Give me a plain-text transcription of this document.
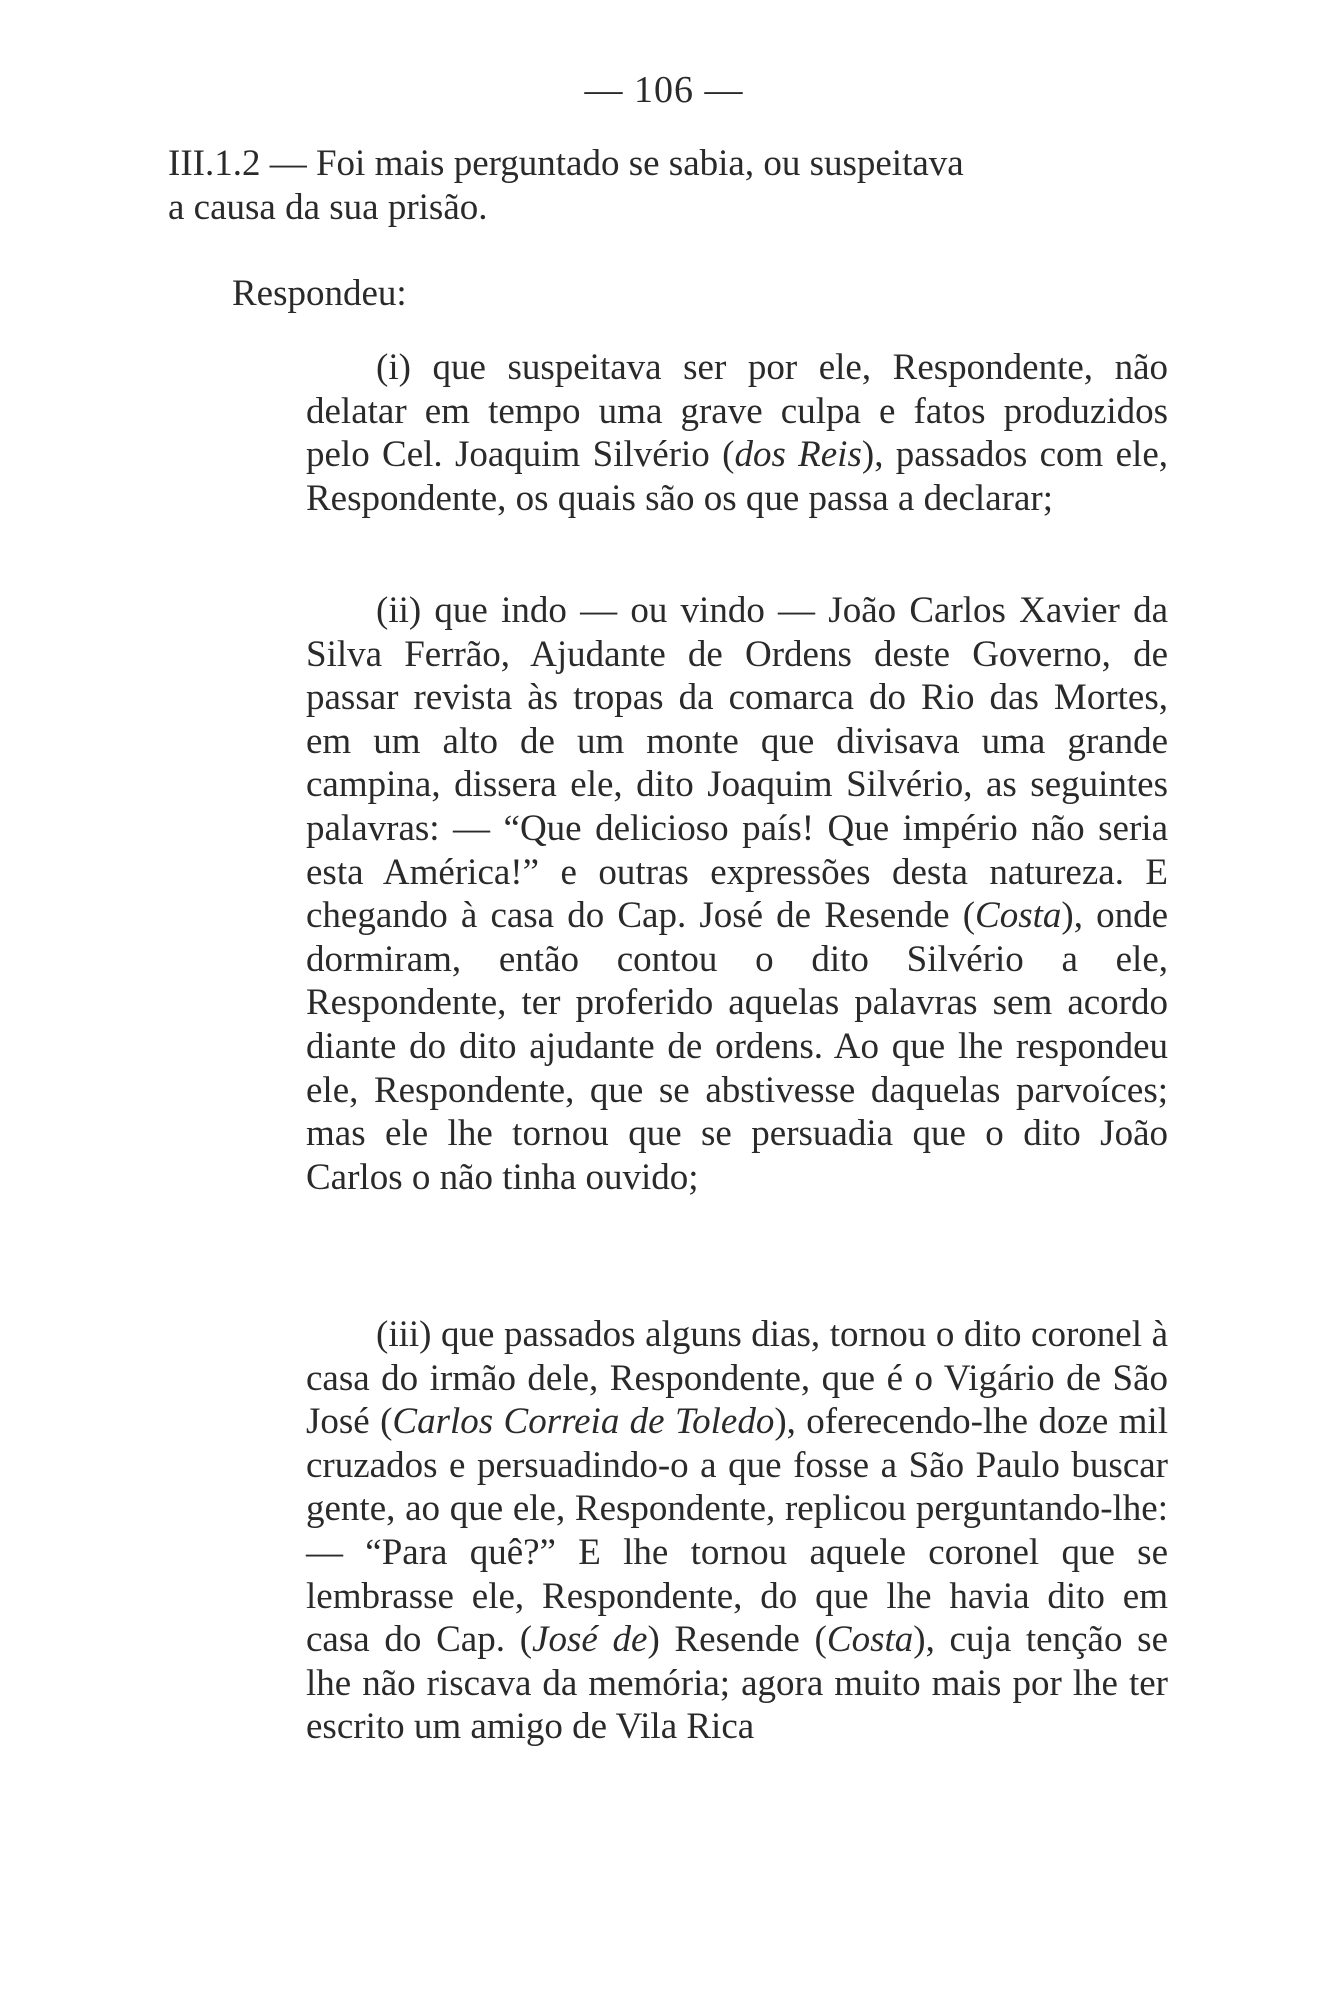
— 106 —
III.1.2 — Foi mais perguntado se sabia, ou suspeitava
a causa da sua prisão.
Respondeu:

(i) que suspeitava ser por ele, Respondente, não delatar em tempo uma grave culpa e fatos produzidos pelo Cel. Joaquim Silvério (dos Reis), passados com ele, Respondente, os quais são os que passa a declarar;

(ii) que indo — ou vindo — João Carlos Xavier da Silva Ferrão, Ajudante de Ordens deste Governo, de passar revista às tropas da comarca do Rio das Mortes, em um alto de um monte que divisava uma grande campina, dissera ele, dito Joaquim Silvério, as seguintes palavras: — “Que delicioso país! Que império não seria esta América!” e outras expressões desta natureza. E chegando à casa do Cap. José de Resende (Costa), onde dormiram, então contou o dito Silvério a ele, Respondente, ter proferido aquelas palavras sem acordo diante do dito ajudante de ordens. Ao que lhe respondeu ele, Respondente, que se abstivesse daquelas parvoíces; mas ele lhe tornou que se persuadia que o dito João Carlos o não tinha ouvido;

(iii) que passados alguns dias, tornou o dito coronel à casa do irmão dele, Respondente, que é o Vigário de São José (Carlos Correia de Toledo), oferecendo-lhe doze mil cruzados e persuadindo-o a que fosse a São Paulo buscar gente, ao que ele, Respondente, replicou perguntando-lhe: — “Para quê?” E lhe tornou aquele coronel que se lembrasse ele, Respondente, do que lhe havia dito em casa do Cap. (José de) Resende (Costa), cuja tenção se lhe não riscava da memória; agora muito mais por lhe ter escrito um amigo de Vila Rica
